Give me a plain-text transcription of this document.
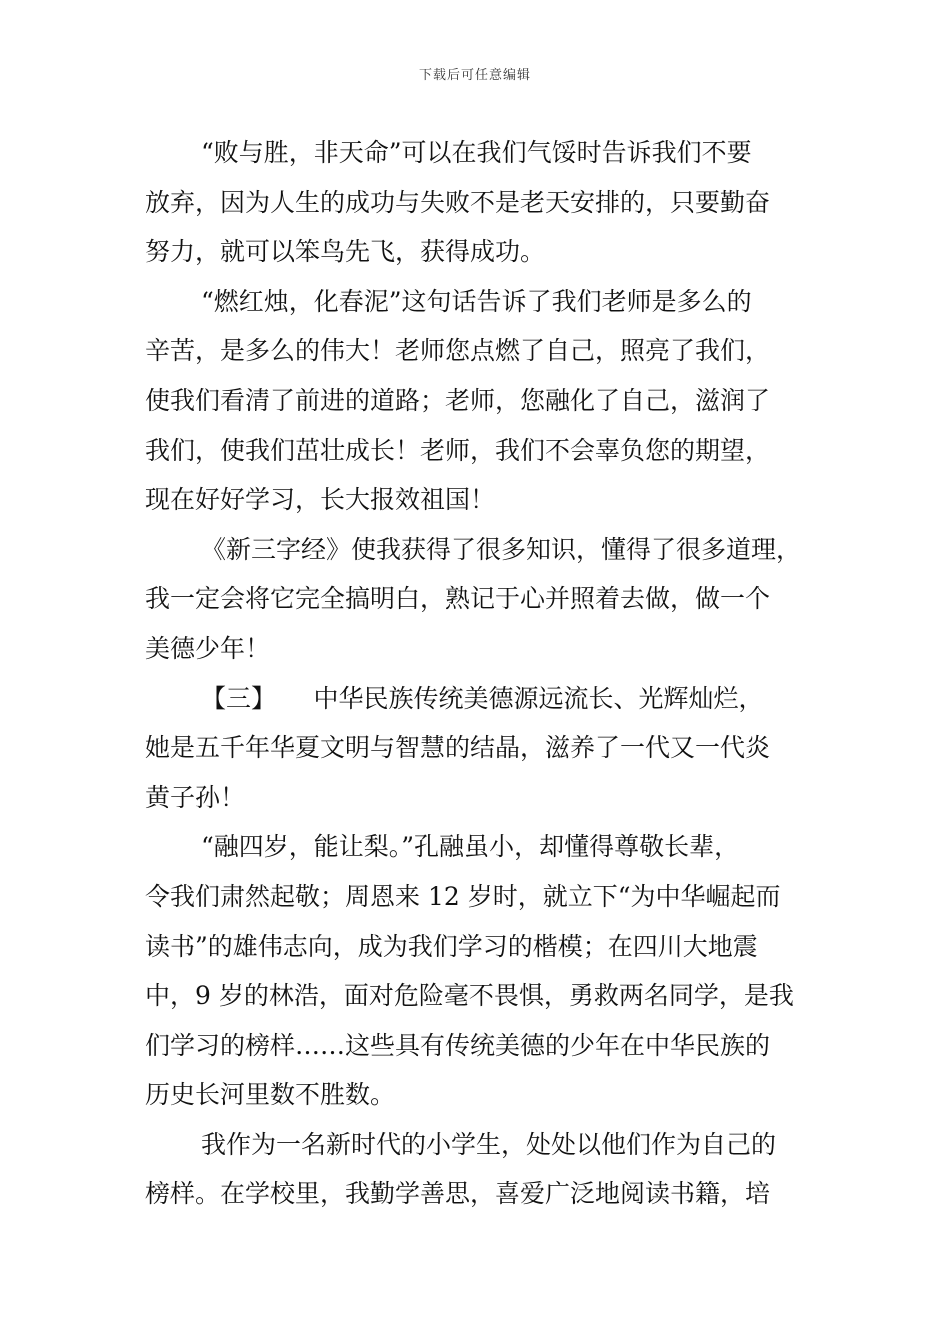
下载后可任意编辑
“败与胜，非天命”可以在我们气馁时告诉我们不要
放弃，因为人生的成功与失败不是老天安排的，只要勤奋
努力，就可以笨鸟先飞，获得成功。
“燃红烛，化春泥”这句话告诉了我们老师是多么的
辛苦，是多么的伟大！老师您点燃了自己，照亮了我们，
使我们看清了前进的道路；老师，您融化了自己，滋润了
我们，使我们茁壮成长！老师，我们不会辜负您的期望，
现在好好学习，长大报效祖国！
《新三字经》使我获得了很多知识，懂得了很多道理，
我一定会将它完全搞明白，熟记于心并照着去做，做一个
美德少年！
【三】　　中华民族传统美德源远流长、光辉灿烂，
她是五千年华夏文明与智慧的结晶，滋养了一代又一代炎
黄子孙！
“融四岁，能让梨。”孔融虽小，却懂得尊敬长辈，
令我们肃然起敬；周恩来 12 岁时，就立下“为中华崛起而
读书”的雄伟志向，成为我们学习的楷模；在四川大地震
中，9 岁的林浩，面对危险毫不畏惧，勇救两名同学，是我
们学习的榜样……这些具有传统美德的少年在中华民族的
历史长河里数不胜数。
我作为一名新时代的小学生，处处以他们作为自己的
榜样。在学校里，我勤学善思，喜爱广泛地阅读书籍，培
